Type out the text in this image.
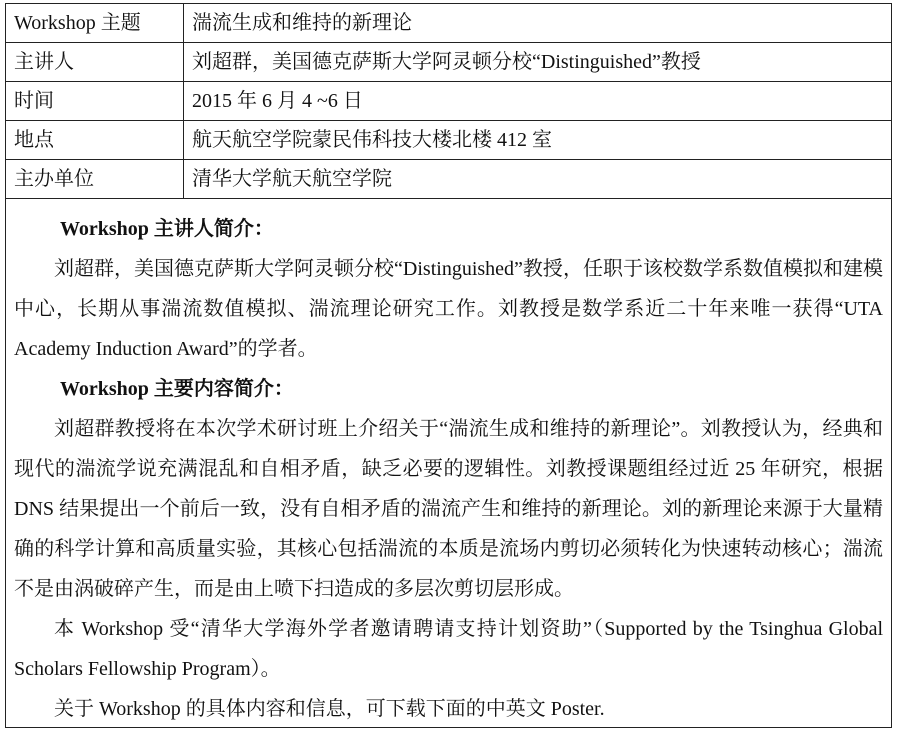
Workshop 主题	湍流生成和维持的新理论
主讲人	刘超群，美国德克萨斯大学阿灵顿分校“Distinguished”教授
时间	2015 年 6 月 4 ~6 日
地点	航天航空学院蒙民伟科技大楼北楼 412 室
主办单位	清华大学航天航空学院
Workshop 主讲人简介：

刘超群，美国德克萨斯大学阿灵顿分校“Distinguished”教授，任职于该校数学系数值模拟和建模中心，长期从事湍流数值模拟、湍流理论研究工作。刘教授是数学系近二十年来唯一获得“UTA Academy Induction Award”的学者。

Workshop 主要内容简介：

刘超群教授将在本次学术研讨班上介绍关于“湍流生成和维持的新理论”。刘教授认为，经典和现代的湍流学说充满混乱和自相矛盾，缺乏必要的逻辑性。刘教授课题组经过近 25 年研究，根据 DNS 结果提出一个前后一致，没有自相矛盾的湍流产生和维持的新理论。刘的新理论来源于大量精确的科学计算和高质量实验，其核心包括湍流的本质是流场内剪切必须转化为快速转动核心；湍流不是由涡破碎产生，而是由上喷下扫造成的多层次剪切层形成。

本 Workshop 受“清华大学海外学者邀请聘请支持计划资助”（Supported by the Tsinghua Global Scholars Fellowship Program）。

关于 Workshop 的具体内容和信息，可下载下面的中英文 Poster.
